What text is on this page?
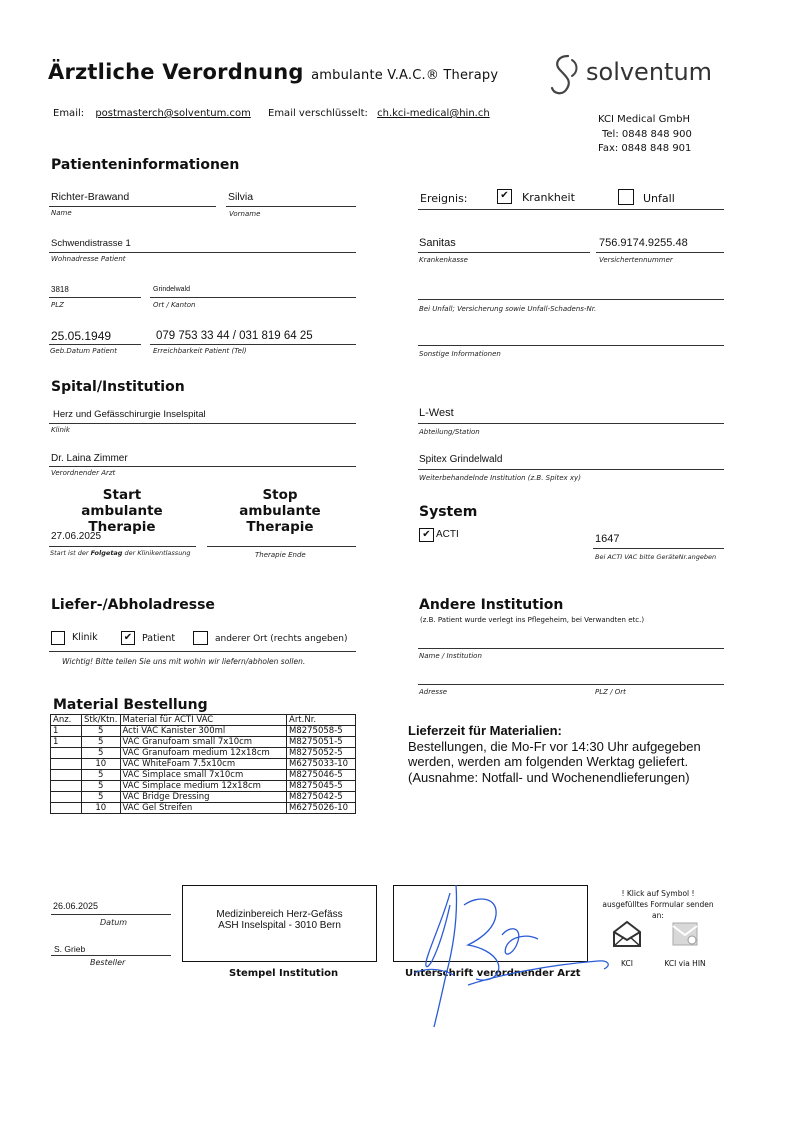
Ärztliche Verordnung ambulante V.A.C.® Therapy	solventum
Email: postmasterch@solventum.com Email verschlüsselt: ch.kci-medical@hin.ch
KCI Medical GmbH
Tel: 0848 848 900
Fax: 0848 848 901
Patienteninformationen
Richter-Brawand
Name
Silvia
Vorname
Schwendistrasse 1
Wohnadresse Patient
3818
PLZ
Grindelwald
Ort / Kanton
25.05.1949
Geb.Datum Patient
079 753 33 44 / 031 819 64 25
Erreichbarkeit Patient (Tel)
Ereignis:	✔	Krankheit	Unfall
Sanitas
Krankenkasse
756.9174.9255.48
Versichertennummer
Bei Unfall; Versicherung sowie Unfall-Schadens-Nr.
Sonstige Informationen
Spital/Institution
Herz und Gefässchirurgie Inselspital
Klinik
Dr. Laina Zimmer
Verordnender Arzt
L-West
Abteilung/Station
Spitex Grindelwald
Weiterbehandelnde Institution (z.B. Spitex xy)
Start
ambulante Therapie
Stop
ambulante Therapie
27.06.2025
Start ist der Folgetag der Klinikentlassung	Therapie Ende
System
✔ ACTI	1647
Bei ACTI VAC bitte GeräteNr.angeben
Liefer-/Abholadresse
Klinik	✔ Patient	anderer Ort (rechts angeben)
Wichtig! Bitte teilen Sie uns mit wohin wir liefern/abholen sollen.
Andere Institution
(z.B. Patient wurde verlegt ins Pflegeheim, bei Verwandten etc.)
Name / Institution
Adresse	PLZ / Ort
Material Bestellung
Anz.	Stk/Ktn.	Material für ACTI VAC	Art.Nr.
1	5	Acti VAC Kanister 300ml	M8275058-5
1	5	VAC Granufoam small 7x10cm	M8275051-5
	5	VAC Granufoam medium 12x18cm	M8275052-5
	10	VAC WhiteFoam 7.5x10cm	M6275033-10
	5	VAC Simplace small 7x10cm	M8275046-5
	5	VAC Simplace medium 12x18cm	M8275045-5
	5	VAC Bridge Dressing	M8275042-5
	10	VAC Gel Streifen	M6275026-10
Lieferzeit für Materialien:
Bestellungen, die Mo-Fr vor 14:30 Uhr aufgegeben
werden, werden am folgenden Werktag geliefert.
(Ausnahme: Notfall- und Wochenendlieferungen)
26.06.2025
Datum
S. Grieb
Besteller
Medizinbereich Herz-Gefäss
ASH Inselspital - 3010 Bern
Stempel Institution	Unterschrift verordnender Arzt
! Klick auf Symbol !
ausgefülltes Formular senden an:
KCI	KCI via HIN
